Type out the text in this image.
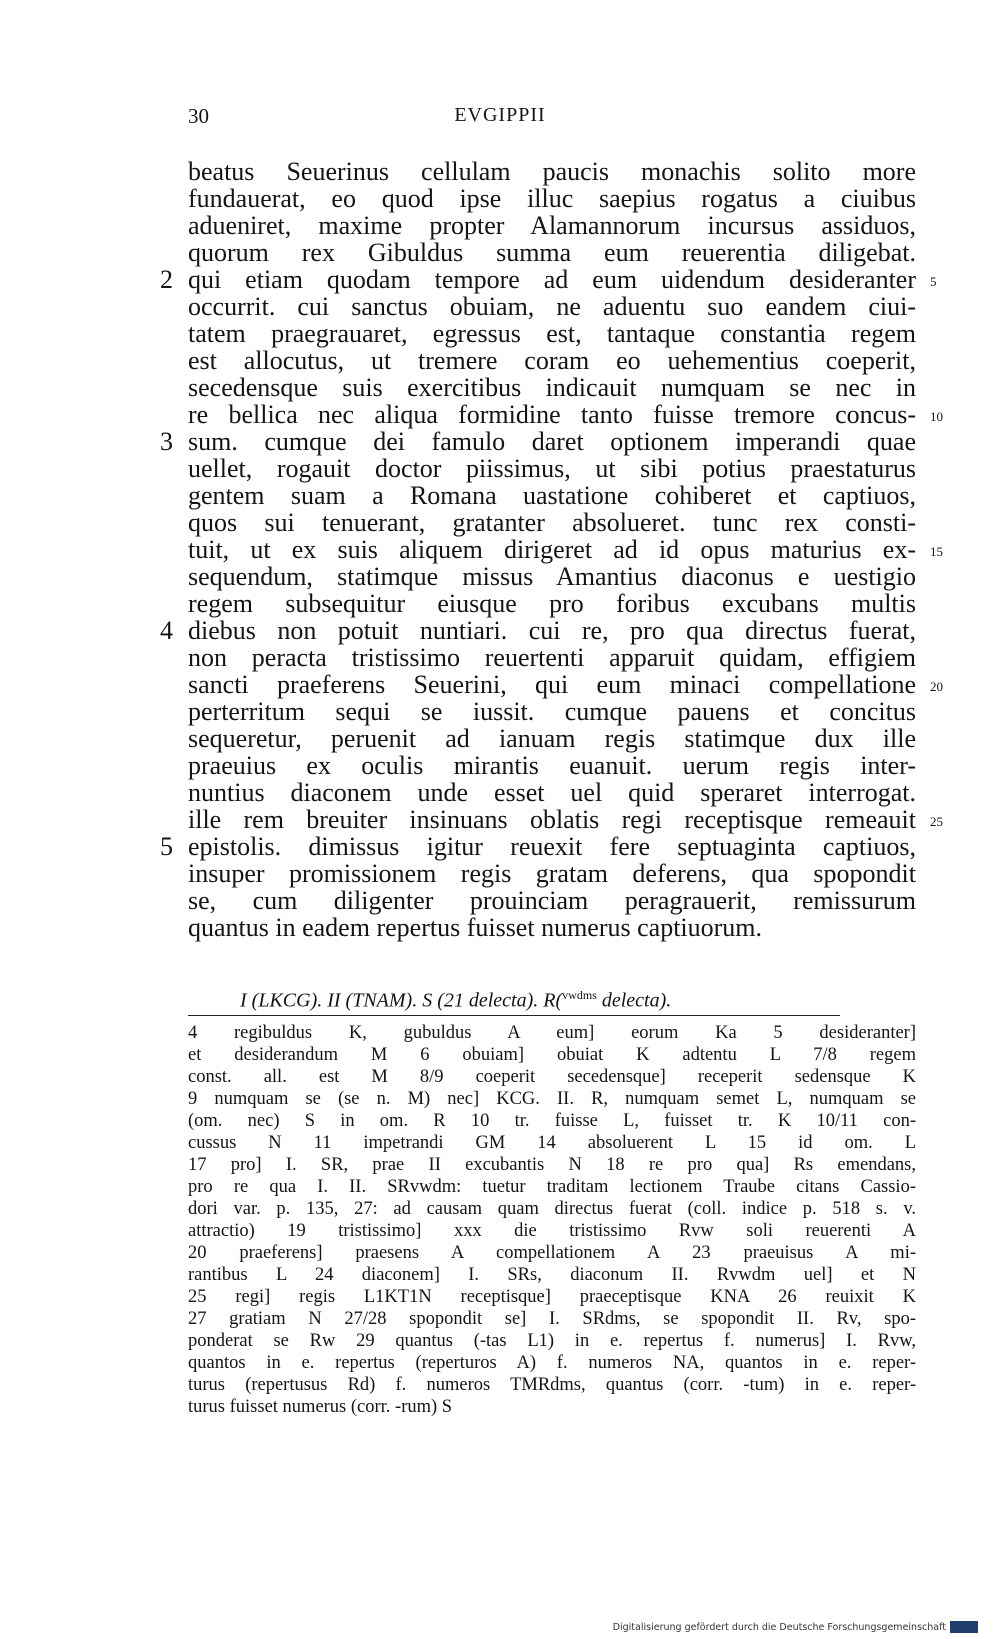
30	EVGIPPII
beatus Seuerinus cellulam paucis monachis solito more
fundauerat, eo quod ipse illuc saepius rogatus a ciuibus
adueniret, maxime propter Alamannorum incursus assiduos,
quorum rex Gibuldus summa eum reuerentia diligebat.
qui etiam quodam tempore ad eum uidendum desideranter
occurrit. cui sanctus obuiam, ne aduentu suo eandem ciui-
tatem praegrauaret, egressus est, tantaque constantia regem
est allocutus, ut tremere coram eo uehementius coeperit,
secedensque suis exercitibus indicauit numquam se nec in
re bellica nec aliqua formidine tanto fuisse tremore concus-
sum. cumque dei famulo daret optionem imperandi quae
uellet, rogauit doctor piissimus, ut sibi potius praestaturus
gentem suam a Romana uastatione cohiberet et captiuos,
quos sui tenuerant, gratanter absolueret. tunc rex consti-
tuit, ut ex suis aliquem dirigeret ad id opus maturius ex-
sequendum, statimque missus Amantius diaconus e uestigio
regem subsequitur eiusque pro foribus excubans multis
diebus non potuit nuntiari. cui re, pro qua directus fuerat,
non peracta tristissimo reuertenti apparuit quidam, effigiem
sancti praeferens Seuerini, qui eum minaci compellatione
perterritum sequi se iussit. cumque pauens et concitus
sequeretur, peruenit ad ianuam regis statimque dux ille
praeuius ex oculis mirantis euanuit. uerum regis inter-
nuntius diaconem unde esset uel quid speraret interrogat.
ille rem breuiter insinuans oblatis regi receptisque remeauit
epistolis. dimissus igitur reuexit fere septuaginta captiuos,
insuper promissionem regis gratam deferens, qua spopondit
se, cum diligenter prouinciam peragrauerit, remissurum
quantus in eadem repertus fuisset numerus captiuorum.
2
3
4
5
5
10
15
20
25
I (LKCG). II (TNAM). S (21 delecta). R($^{vwdms}$ delecta).
4 regibuldus K, gubuldus A eum] eorum Ka 5 desideranter]
et desiderandum M 6 obuiam] obuiat K adtentu L 7/8 regem
const. all. est M 8/9 coeperit secedensque] receperit sedensque K
9 numquam se (se n. M) nec] KCG. II. R, numquam semet L, numquam se
(om. nec) S in om. R 10 tr. fuisse L, fuisset tr. K 10/11 con-
cussus N 11 impetrandi GM 14 absoluerent L 15 id om. L
17 pro] I. SR, prae II excubantis N 18 re pro qua] Rs emendans,
pro re qua I. II. SRvwdm: tuetur traditam lectionem Traube citans Cassio-
dori var. p. 135, 27: ad causam quam directus fuerat (coll. indice p. 518 s. v.
attractio) 19 tristissimo] xxx die tristissimo Rvw soli reuerenti A
20 praeferens] praesens A compellationem A 23 praeuisus A mi-
rantibus L 24 diaconem] I. SRs, diaconum II. Rvwdm uel] et N
25 regi] regis L1KT1N receptisque] praeceptisque KNA 26 reuixit K
27 gratiam N 27/28 spopondit se] I. SRdms, se spopondit II. Rv, spo-
ponderat se Rw 29 quantus (-tas L1) in e. repertus f. numerus] I. Rvw,
quantos in e. repertus (reperturos A) f. numeros NA, quantos in e. reper-
turus (repertusus Rd) f. numeros TMRdms, quantus (corr. -tum) in e. reper-
turus fuisset numerus (corr. -rum) S
Digitalisierung gefördert durch die Deutsche Forschungsgemeinschaft
